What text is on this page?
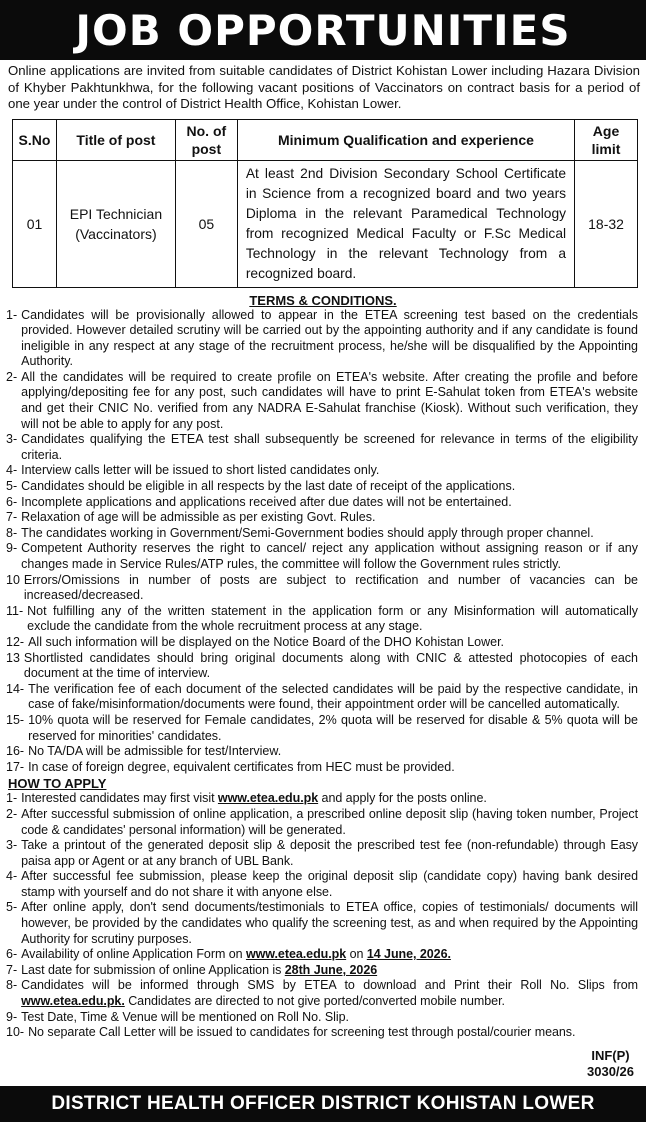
JOB OPPORTUNITIES
Online applications are invited from suitable candidates of District Kohistan Lower including Hazara Division of Khyber Pakhtunkhwa, for the following vacant positions of Vaccinators on contract basis for a period of one year under the control of District Health Office, Kohistan Lower.
S.No	Title of post	No. of post	Minimum Qualification and experience	Age limit
01	EPI Technician (Vaccinators)	05	At least 2nd Division Secondary School Certificate in Science from a recognized board and two years Diploma in the relevant Paramedical Technology from recognized Medical Faculty or F.Sc Medical Technology in the relevant Technology from a recognized board.	18-32
TERMS & CONDITIONS.
1- Candidates will be provisionally allowed to appear in the ETEA screening test based on the credentials provided. However detailed scrutiny will be carried out by the appointing authority and if any candidate is found ineligible in any respect at any stage of the recruitment process, he/she will be disqualified by the Appointing Authority.
2- All the candidates will be required to create profile on ETEA's website. After creating the profile and before applying/depositing fee for any post, such candidates will have to print E-Sahulat token from ETEA's website and get their CNIC No. verified from any NADRA E-Sahulat franchise (Kiosk). Without such verification, they will not be able to apply for any post.
3- Candidates qualifying the ETEA test shall subsequently be screened for relevance in terms of the eligibility criteria.
4- Interview calls letter will be issued to short listed candidates only.
5- Candidates should be eligible in all respects by the last date of receipt of the applications.
6- Incomplete applications and applications received after due dates will not be entertained.
7- Relaxation of age will be admissible as per existing Govt. Rules.
8- The candidates working in Government/Semi-Government bodies should apply through proper channel.
9- Competent Authority reserves the right to cancel/ reject any application without assigning reason or if any changes made in Service Rules/ATP rules, the committee will follow the Government rules strictly.
10 Errors/Omissions in number of posts are subject to rectification and number of vacancies can be increased/decreased.
11- Not fulfilling any of the written statement in the application form or any Misinformation will automatically exclude the candidate from the whole recruitment process at any stage.
12- All such information will be displayed on the Notice Board of the DHO Kohistan Lower.
13 Shortlisted candidates should bring original documents along with CNIC & attested photocopies of each document at the time of interview.
14- The verification fee of each document of the selected candidates will be paid by the respective candidate, in case of fake/misinformation/documents were found, their appointment order will be cancelled automatically.
15- 10% quota will be reserved for Female candidates, 2% quota will be reserved for disable & 5% quota will be reserved for minorities' candidates.
16- No TA/DA will be admissible for test/Interview.
17- In case of foreign degree, equivalent certificates from HEC must be provided.
HOW TO APPLY
1- Interested candidates may first visit www.etea.edu.pk and apply for the posts online.
2- After successful submission of online application, a prescribed online deposit slip (having token number, Project code & candidates' personal information) will be generated.
3- Take a printout of the generated deposit slip & deposit the prescribed test fee (non-refundable) through Easy paisa app or Agent or at any branch of UBL Bank.
4- After successful fee submission, please keep the original deposit slip (candidate copy) having bank desired stamp with yourself and do not share it with anyone else.
5- After online apply, don't send documents/testimonials to ETEA office, copies of testimonials/ documents will however, be provided by the candidates who qualify the screening test, as and when required by the Appointing Authority for scrutiny purposes.
6- Availability of online Application Form on www.etea.edu.pk on 14 June, 2026.
7- Last date for submission of online Application is 28th June, 2026
8- Candidates will be informed through SMS by ETEA to download and Print their Roll No. Slips from www.etea.edu.pk. Candidates are directed to not give ported/converted mobile number.
9- Test Date, Time & Venue will be mentioned on Roll No. Slip.
10- No separate Call Letter will be issued to candidates for screening test through postal/courier means.
INF(P)
3030/26
DISTRICT HEALTH OFFICER DISTRICT KOHISTAN LOWER
